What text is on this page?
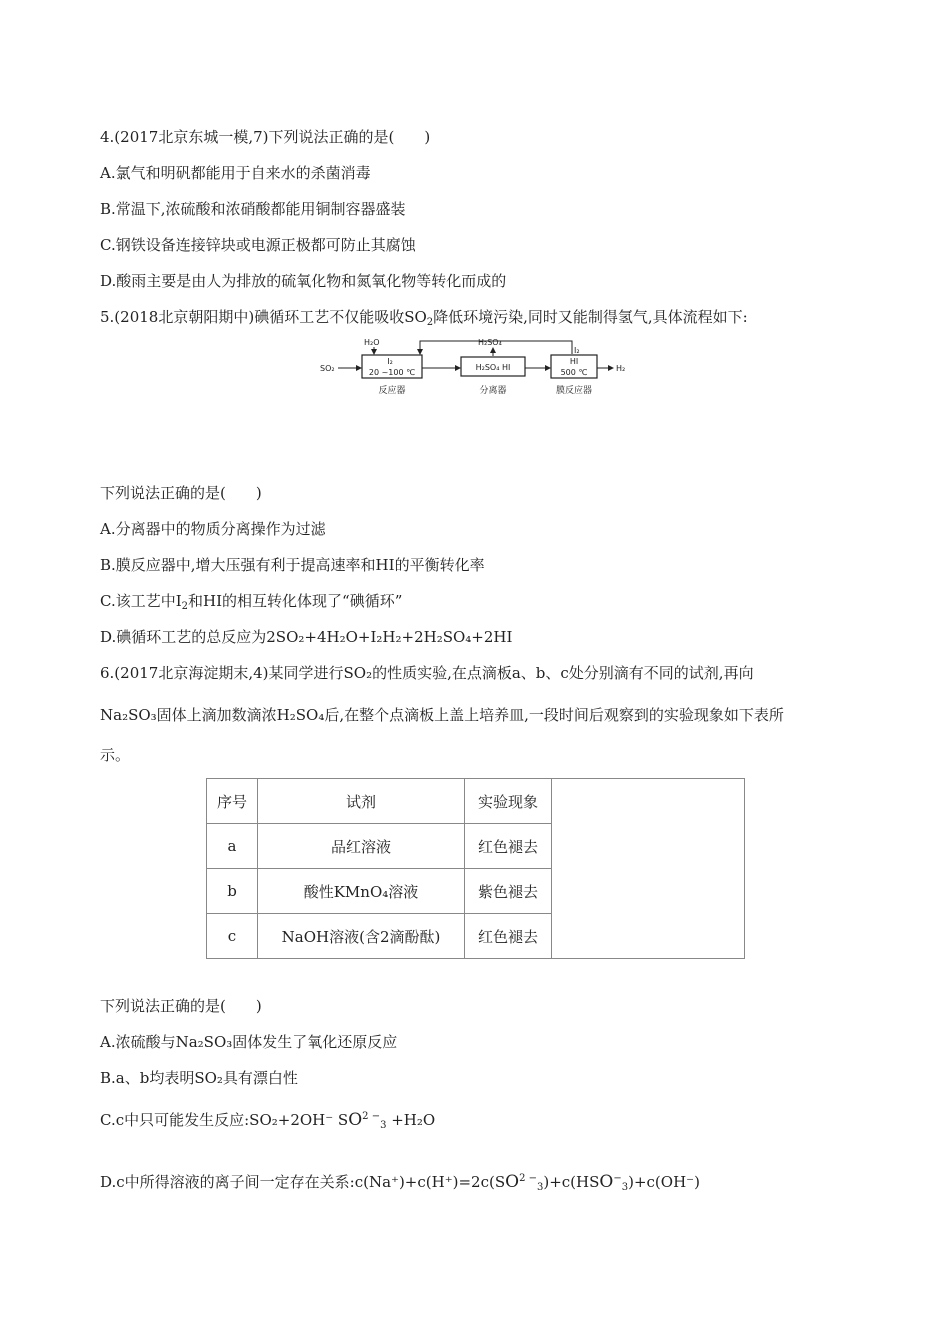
4.(2017北京东城一模,7)下列说法正确的是(　　)
A.氯气和明矾都能用于自来水的杀菌消毒
B.常温下,浓硫酸和浓硝酸都能用铜制容器盛装
C.钢铁设备连接锌块或电源正极都可防止其腐蚀
D.酸雨主要是由人为排放的硫氧化物和氮氧化物等转化而成的
5.(2018北京朝阳期中)碘循环工艺不仅能吸收$SO_2$降低环境污染,同时又能制得氢气,具体流程如下:
H₂O
SO₂
H₂SO₄
I₂
I₂
20 ~100 ℃
H₂SO₄ HI
HI
500 ℃	H₂
反应器	分离器	膜反应器
下列说法正确的是(　　)
A.分离器中的物质分离操作为过滤
B.膜反应器中,增大压强有利于提高速率和HI的平衡转化率
C.该工艺中$I_2$和HI的相互转化体现了“碘循环”
D.碘循环工艺的总反应为2SO₂+4H₂O+I₂H₂+2H₂SO₄+2HI
6.(2017北京海淀期末,4)某同学进行SO₂的性质实验,在点滴板a、b、c处分别滴有不同的试剂,再向
Na₂SO₃固体上滴加数滴浓H₂SO₄后,在整个点滴板上盖上培养皿,一段时间后观察到的实验现象如下表所
示。
序号	试剂	实验现象	
a	品红溶液	红色褪去	
b	酸性KMnO₄溶液	紫色褪去	
c	NaOH溶液(含2滴酚酞)	红色褪去	
下列说法正确的是(　　)
A.浓硫酸与Na₂SO₃固体发生了氧化还原反应
B.a、b均表明SO₂具有漂白性
C.c中只可能发生反应:SO₂+2OH⁻ $SO^{2 -}_3 +H_2O$
D.c中所得溶液的离子间一定存在关系$:c(Na^+)+c(H^+)=2c(SO^{2 -}_3)+c(HSO^-_3)+c(OH^-)$
